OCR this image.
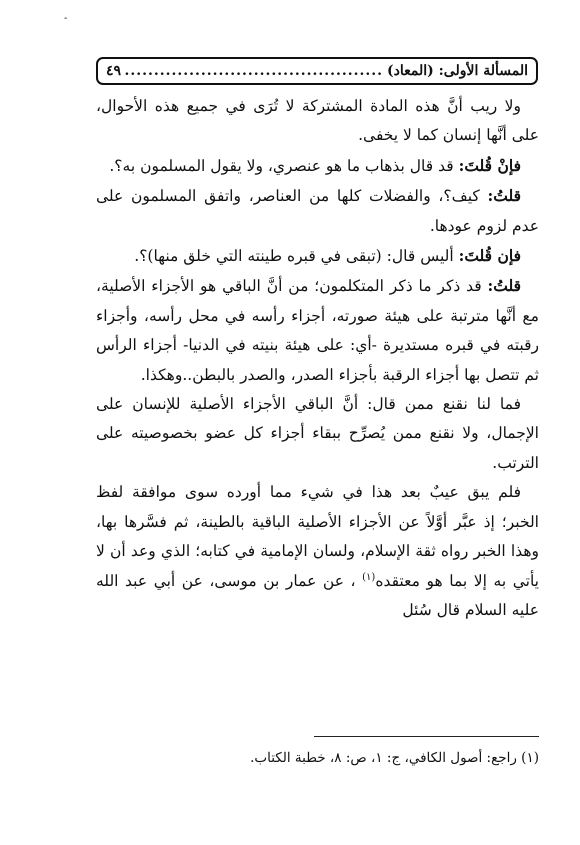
-
المسألة الأولى: (المعاد)
.....
٤٩

ولا ريب أنَّ هذه المادة المشتركة لا تُرَى في جميع هذه الأحوال، على أنَّها إنسان كما لا يخفى.

فإنْ قُلتَ: قد قال بذهاب ما هو عنصري، ولا يقول المسلمون به؟.

قلتُ: كيف؟، والفضلات كلها من العناصر، واتفق المسلمون على عدم لزوم عودها.

فإن قُلتَ: أليس قال: (تبقى في قبره طينته التي خلق منها)؟.

قلتُ: قد ذكر ما ذكر المتكلمون؛ من أنَّ الباقي هو الأجزاء الأصلية، مع أنَّها مترتبة على هيئة صورته، أجزاء رأسه في محل رأسه، وأجزاء رقبته في قبره مستديرة -أي: على هيئة بنيته في الدنيا- أجزاء الرأس ثم تتصل بها أجزاء الرقبة بأجزاء الصدر، والصدر بالبطن..وهكذا.

فما لنا نقنع ممن قال: أنَّ الباقي الأجزاء الأصلية للإنسان على الإجمال، ولا نقنع ممن يُصرِّح ببقاء أجزاء كل عضو بخصوصيته على الترتب.

فلم يبق عيبٌ بعد هذا في شيء مما أورده سوى موافقة لفظ الخبر؛ إذ عبَّر أوَّلاً عن الأجزاء الأصلية الباقية بالطينة، ثم فسَّرها بها، وهذا الخبر رواه ثقة الإسلام، ولسان الإمامية في كتابه؛ الذي وعد أن لا يأتي به إلا بما هو معتقده$^{(١)}$ ، عن عمار بن موسى، عن أبي عبد الله عليه السلام قال سُئل

(١) راجع: أصول الكافي، ج: ١، ص: ٨، خطبة الكتاب.
